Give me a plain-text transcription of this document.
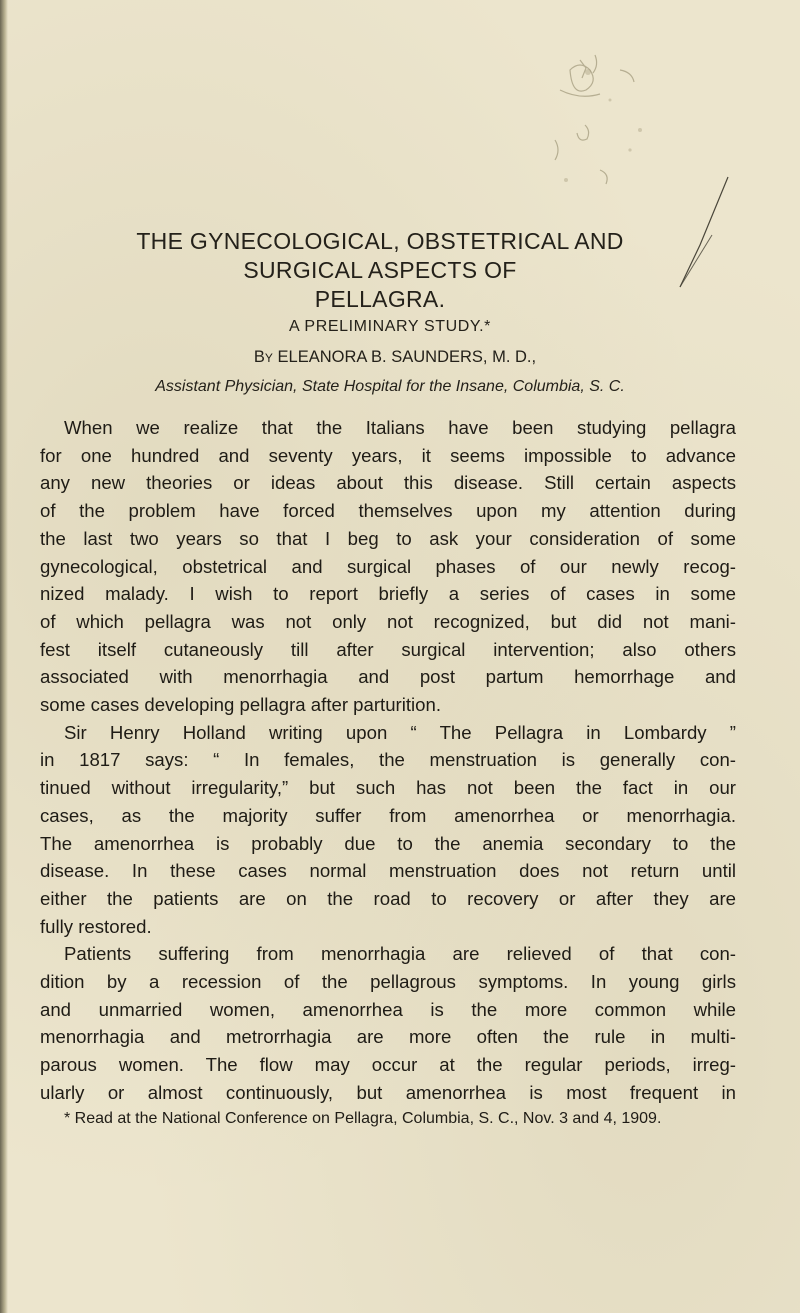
THE GYNECOLOGICAL, OBSTETRICAL AND
SURGICAL ASPECTS OF
PELLAGRA.
A PRELIMINARY STUDY.*
By ELEANORA B. SAUNDERS, M. D.,
Assistant Physician, State Hospital for the Insane, Columbia, S. C.

When we realize that the Italians have been studying pellagra

for one hundred and seventy years, it seems impossible to advance

any new theories or ideas about this disease. Still certain aspects

of the problem have forced themselves upon my attention during

the last two years so that I beg to ask your consideration of some

gynecological, obstetrical and surgical phases of our newly recog-

nized malady. I wish to report briefly a series of cases in some

of which pellagra was not only not recognized, but did not mani-

fest itself cutaneously till after surgical intervention; also others

associated with menorrhagia and post partum hemorrhage and

some cases developing pellagra after parturition.

Sir Henry Holland writing upon “ The Pellagra in Lombardy ”

in 1817 says: “ In females, the menstruation is generally con-

tinued without irregularity,” but such has not been the fact in our

cases, as the majority suffer from amenorrhea or menorrhagia.

The amenorrhea is probably due to the anemia secondary to the

disease. In these cases normal menstruation does not return until

either the patients are on the road to recovery or after they are

fully restored.

Patients suffering from menorrhagia are relieved of that con-

dition by a recession of the pellagrous symptoms. In young girls

and unmarried women, amenorrhea is the more common while

menorrhagia and metrorrhagia are more often the rule in multi-

parous women. The flow may occur at the regular periods, irreg-

ularly or almost continuously, but amenorrhea is most frequent in

* Read at the National Conference on Pellagra, Columbia, S. C., Nov. 3 and 4, 1909.
